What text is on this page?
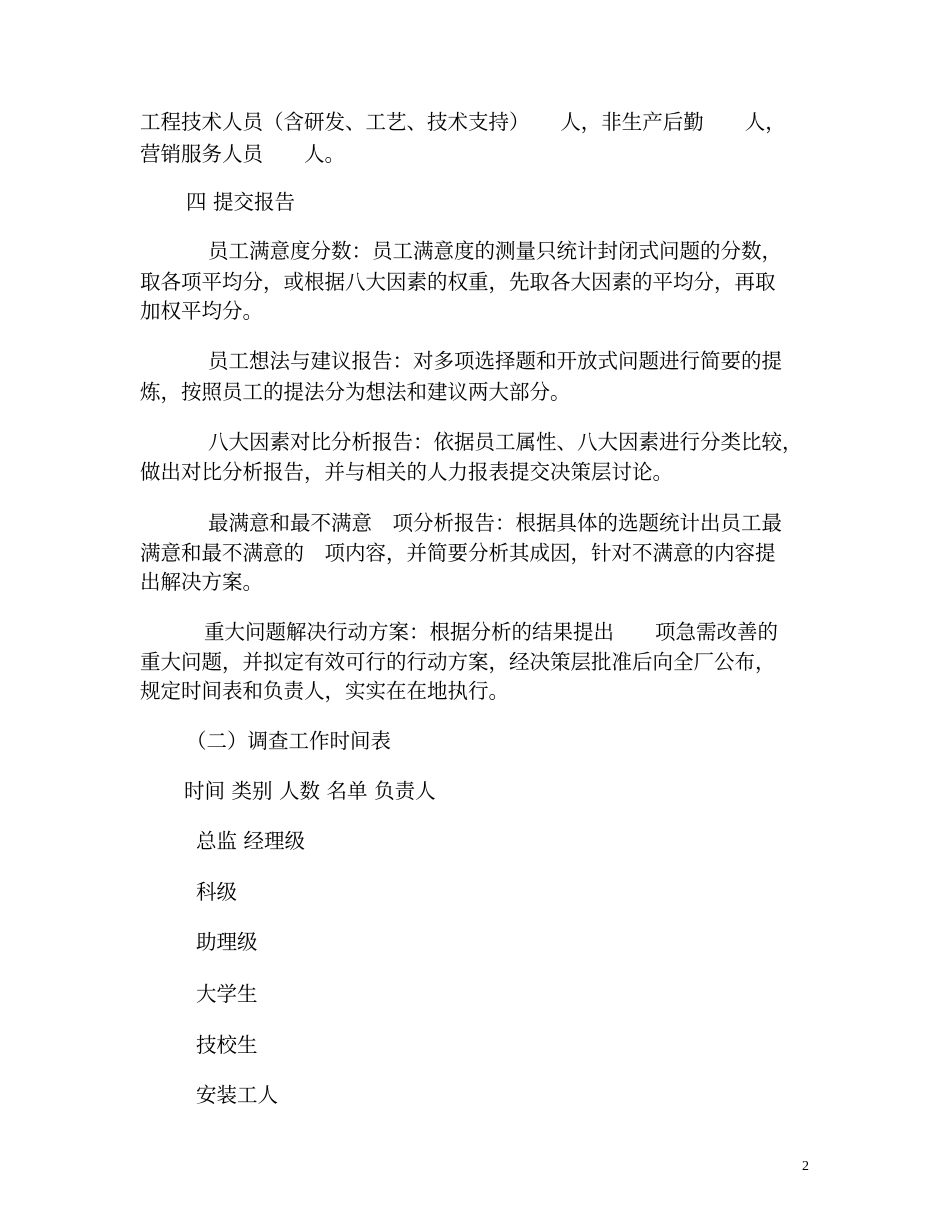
工程技术人员（含研发、工艺、技术支持）　　人，非生产后勤　　人，
营销服务人员　　人。
四 提交报告
员工满意度分数：员工满意度的测量只统计封闭式问题的分数，
取各项平均分，或根据八大因素的权重，先取各大因素的平均分，再取
加权平均分。
员工想法与建议报告：对多项选择题和开放式问题进行简要的提
炼，按照员工的提法分为想法和建议两大部分。
八大因素对比分析报告：依据员工属性、八大因素进行分类比较，
做出对比分析报告，并与相关的人力报表提交决策层讨论。
最满意和最不满意　项分析报告：根据具体的选题统计出员工最
满意和最不满意的　项内容，并简要分析其成因，针对不满意的内容提
出解决方案。
重大问题解决行动方案：根据分析的结果提出　　项急需改善的
重大问题，并拟定有效可行的行动方案，经决策层批准后向全厂公布，
规定时间表和负责人，实实在在地执行。
（二）调查工作时间表
时间 类别 人数 名单 负责人
总监 经理级
科级
助理级
大学生
技校生
安装工人
2
